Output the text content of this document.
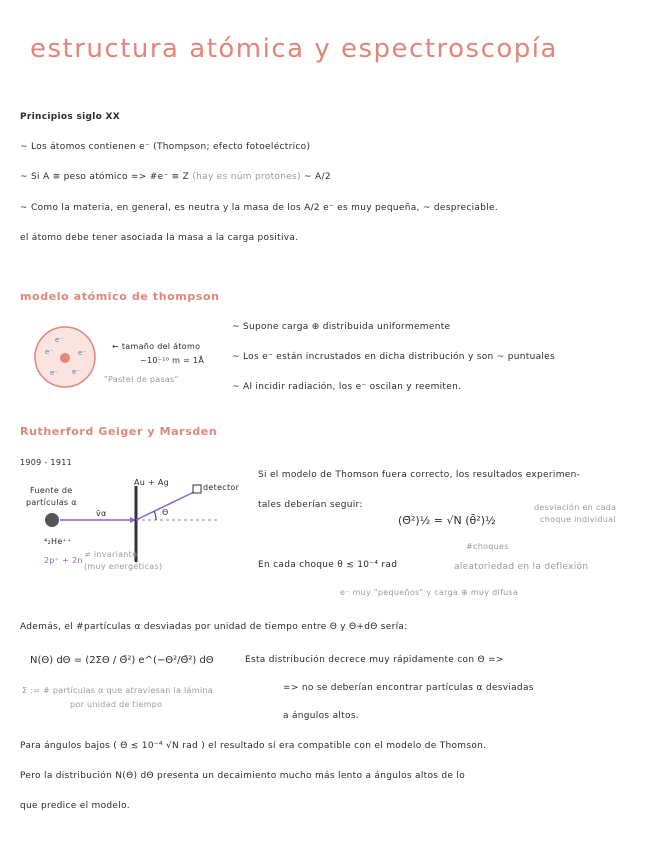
estructura atómica y espectroscopía
Principios siglo XX
~ Los átomos contienen e⁻ (Thompson; efecto fotoeléctrico)
~ Si A ≡ peso atómico => #e⁻ ≡ Z (hay es núm protones) ~ A/2
~ Como la materia, en general, es neutra y la masa de los A/2 e⁻ es muy pequeña, ~ despreciable.
el átomo debe tener asociada la masa a la carga positiva.
modelo atómico de thompson
e⁻
e⁻	e⁻
e⁻ e⁻
← tamaño del átomo
~10⁻¹⁰ m = 1Å
"Pastel de pasas"
~ Supone carga ⊕ distribuida uniformemente
~ Los e⁻ están incrustados en dicha distribución y son ~ puntuales
~ Al incidir radiación, los e⁻ oscilan y reemiten.
Rutherford Geiger y Marsden
1909 - 1911
Fuente de
partículas α
Au + Ag
detector
v̄α	Θ
⁴₂He⁺⁺
2p⁺ + 2n
≠ invariante
(muy energéticas)
Si el modelo de Thomson fuera correcto, los resultados experimen-
tales deberían seguir:
(Θ̄²)½ = √N (θ̄²)½
desviación en cada
choque individual
#choques
aleatoriedad en la deflexión
En cada choque θ ≲ 10⁻⁴ rad
e⁻ muy "pequeños" y carga ⊕ muy difusa
Además, el #partículas α desviadas por unidad de tiempo entre Θ y Θ+dΘ sería:
N(Θ) dΘ = (2ΣΘ / Θ̄²) e^(−Θ²/Θ̄²) dΘ
Σ := # partículas α que atraviesan la lámina
por unidad de tiempo
Esta distribución decrece muy rápidamente con Θ =>
=> no se deberían encontrar partículas α desviadas
a ángulos altos.
Para ángulos bajos ( Θ ≲ 10⁻⁴ √N rad ) el resultado sí era compatible con el modelo de Thomson.
Pero la distribución N(Θ) dΘ presenta un decaimiento mucho más lento a ángulos altos de lo
que predice el modelo.
